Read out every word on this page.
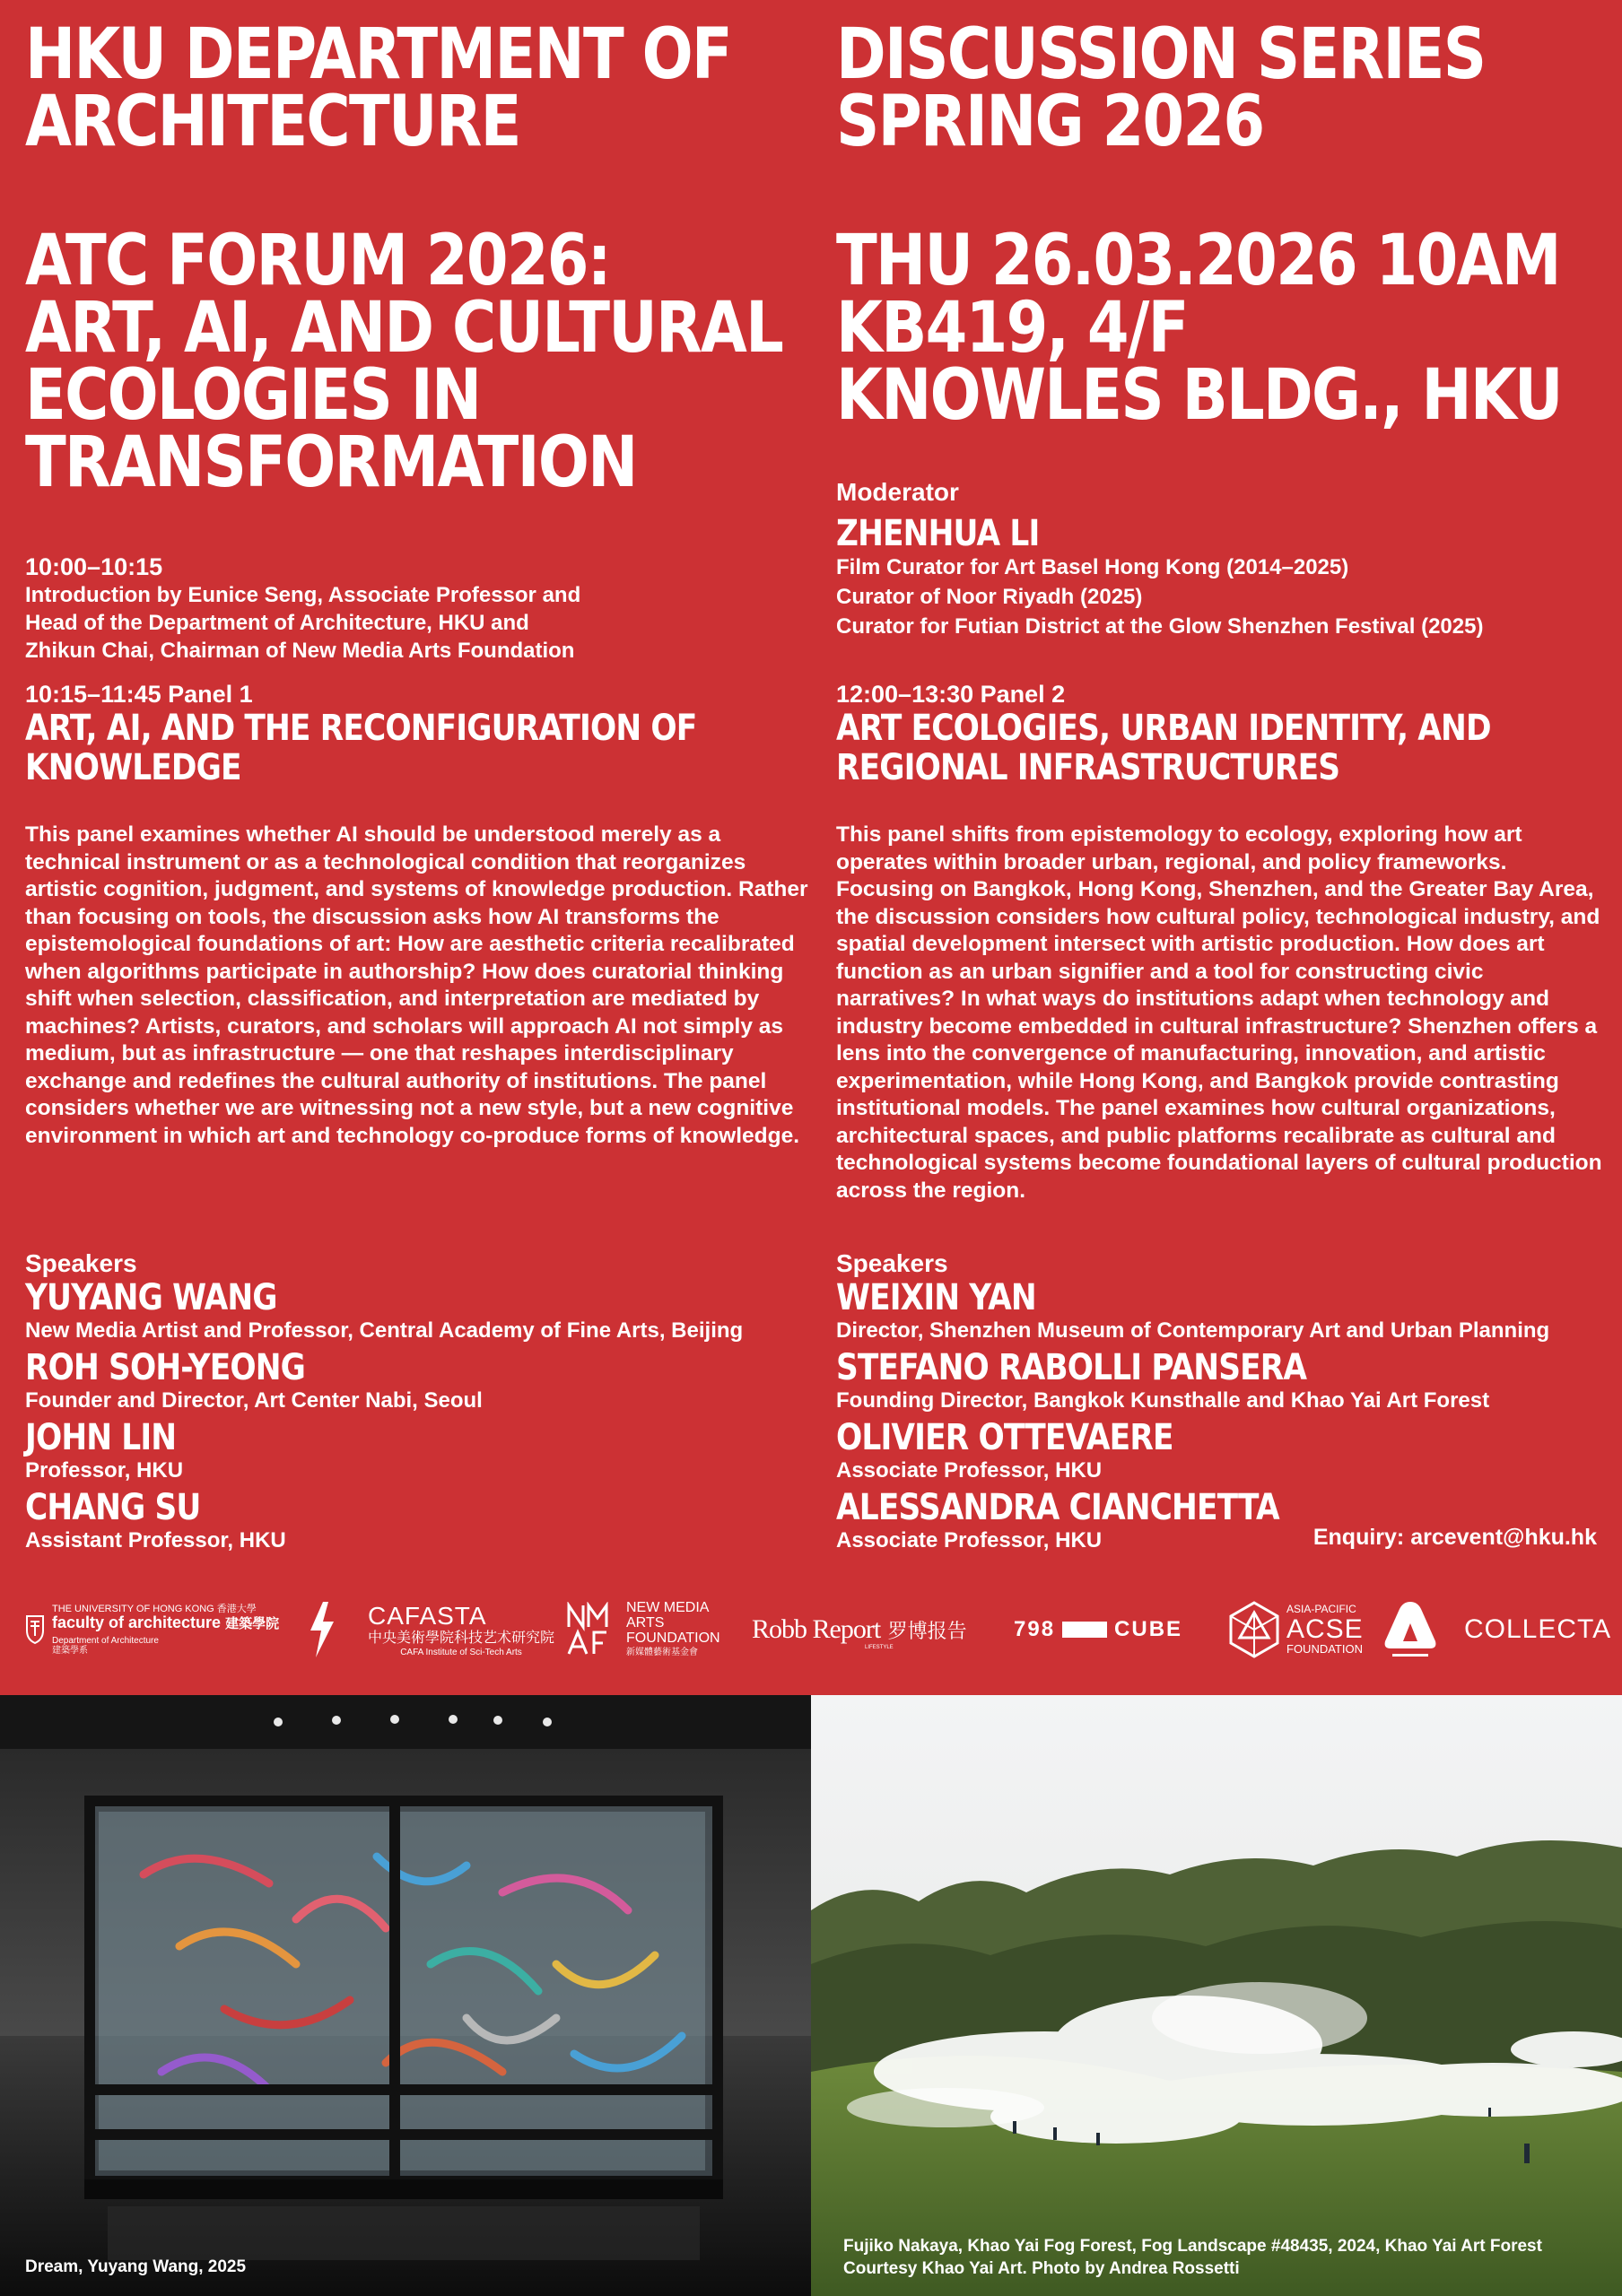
HKU DEPARTMENT OF ARCHITECTURE
ATC FORUM 2026:
ART, AI, AND CULTURAL
ECOLOGIES IN
TRANSFORMATION

10:00–10:15

Introduction by Eunice Seng, Associate Professor and

Head of the Department of Architecture, HKU and

Zhikun Chai, Chairman of New Media Arts Foundation

10:15–11:45 Panel 1

ART, AI, AND THE RECONFIGURATION OF
KNOWLEDGE

This panel examines whether AI should be understood merely as a technical instrument or as a technological condition that reorganizes artistic cognition, judgment, and systems of knowledge production. Rather than focusing on tools, the discussion asks how AI transforms the epistemological foundations of art: How are aesthetic criteria recalibrated when algorithms participate in authorship? How does curatorial thinking shift when selection, classification, and interpretation are mediated by machines? Artists, curators, and scholars will approach AI not simply as medium, but as infrastructure — one that reshapes interdisciplinary exchange and redefines the cultural authority of institutions. The panel considers whether we are witnessing not a new style, but a new cognitive environment in which art and technology co-produce forms of knowledge.

Speakers

YUYANG WANG

New Media Artist and Professor, Central Academy of Fine Arts, Beijing

ROH SOH-YEONG

Founder and Director, Art Center Nabi, Seoul

JOHN LIN

Professor, HKU

CHANG SU

Assistant Professor, HKU

DISCUSSION SERIES SPRING 2026
THU 26.03.2026 10AM
KB419, 4/F
KNOWLES BLDG., HKU

Moderator

ZHENHUA LI

Film Curator for Art Basel Hong Kong (2014–2025)

Curator of Noor Riyadh (2025)

Curator for Futian District at the Glow Shenzhen Festival (2025)

12:00–13:30 Panel 2

ART ECOLOGIES, URBAN IDENTITY, AND
REGIONAL INFRASTRUCTURES

This panel shifts from epistemology to ecology, exploring how art operates within broader urban, regional, and policy frameworks. Focusing on Bangkok, Hong Kong, Shenzhen, and the Greater Bay Area, the discussion considers how cultural policy, technological industry, and spatial development intersect with artistic production. How does art function as an urban signifier and a tool for constructing civic narratives? In what ways do institutions adapt when technology and industry become embedded in cultural infrastructure? Shenzhen offers a lens into the convergence of manufacturing, innovation, and artistic experimentation, while Hong Kong, and Bangkok provide contrasting institutional models. The panel examines how cultural organizations, architectural spaces, and public platforms recalibrate as cultural and technological systems become foundational layers of cultural production across the region.

Speakers

WEIXIN YAN

Director, Shenzhen Museum of Contemporary Art and Urban Planning

STEFANO RABOLLI PANSERA

Founding Director, Bangkok Kunsthalle and Khao Yai Art Forest

OLIVIER OTTEVAERE

Associate Professor, HKU

ALESSANDRA CIANCHETTA

Associate Professor, HKU	Enquiry: arcevent@hku.hk
THE UNIVERSITY OF HONG KONG 香港大學
faculty of architecture 建築學院
Department of Architecture
建築學系
CAFASTA
中央美術學院科技艺术研究院
CAFA Institute of Sci-Tech Arts
NEW MEDIA
ARTS
FOUNDATION
新媒體藝術基金會
Robb Report 罗博报告
LIFESTYLE
798	CUBE
ASIA-PACIFIC
ACSE
FOUNDATION
COLLECTA
Dream, Yuyang Wang, 2025
Fujiko Nakaya, Khao Yai Fog Forest, Fog Landscape #48435, 2024, Khao Yai Art Forest
Courtesy Khao Yai Art. Photo by Andrea Rossetti
